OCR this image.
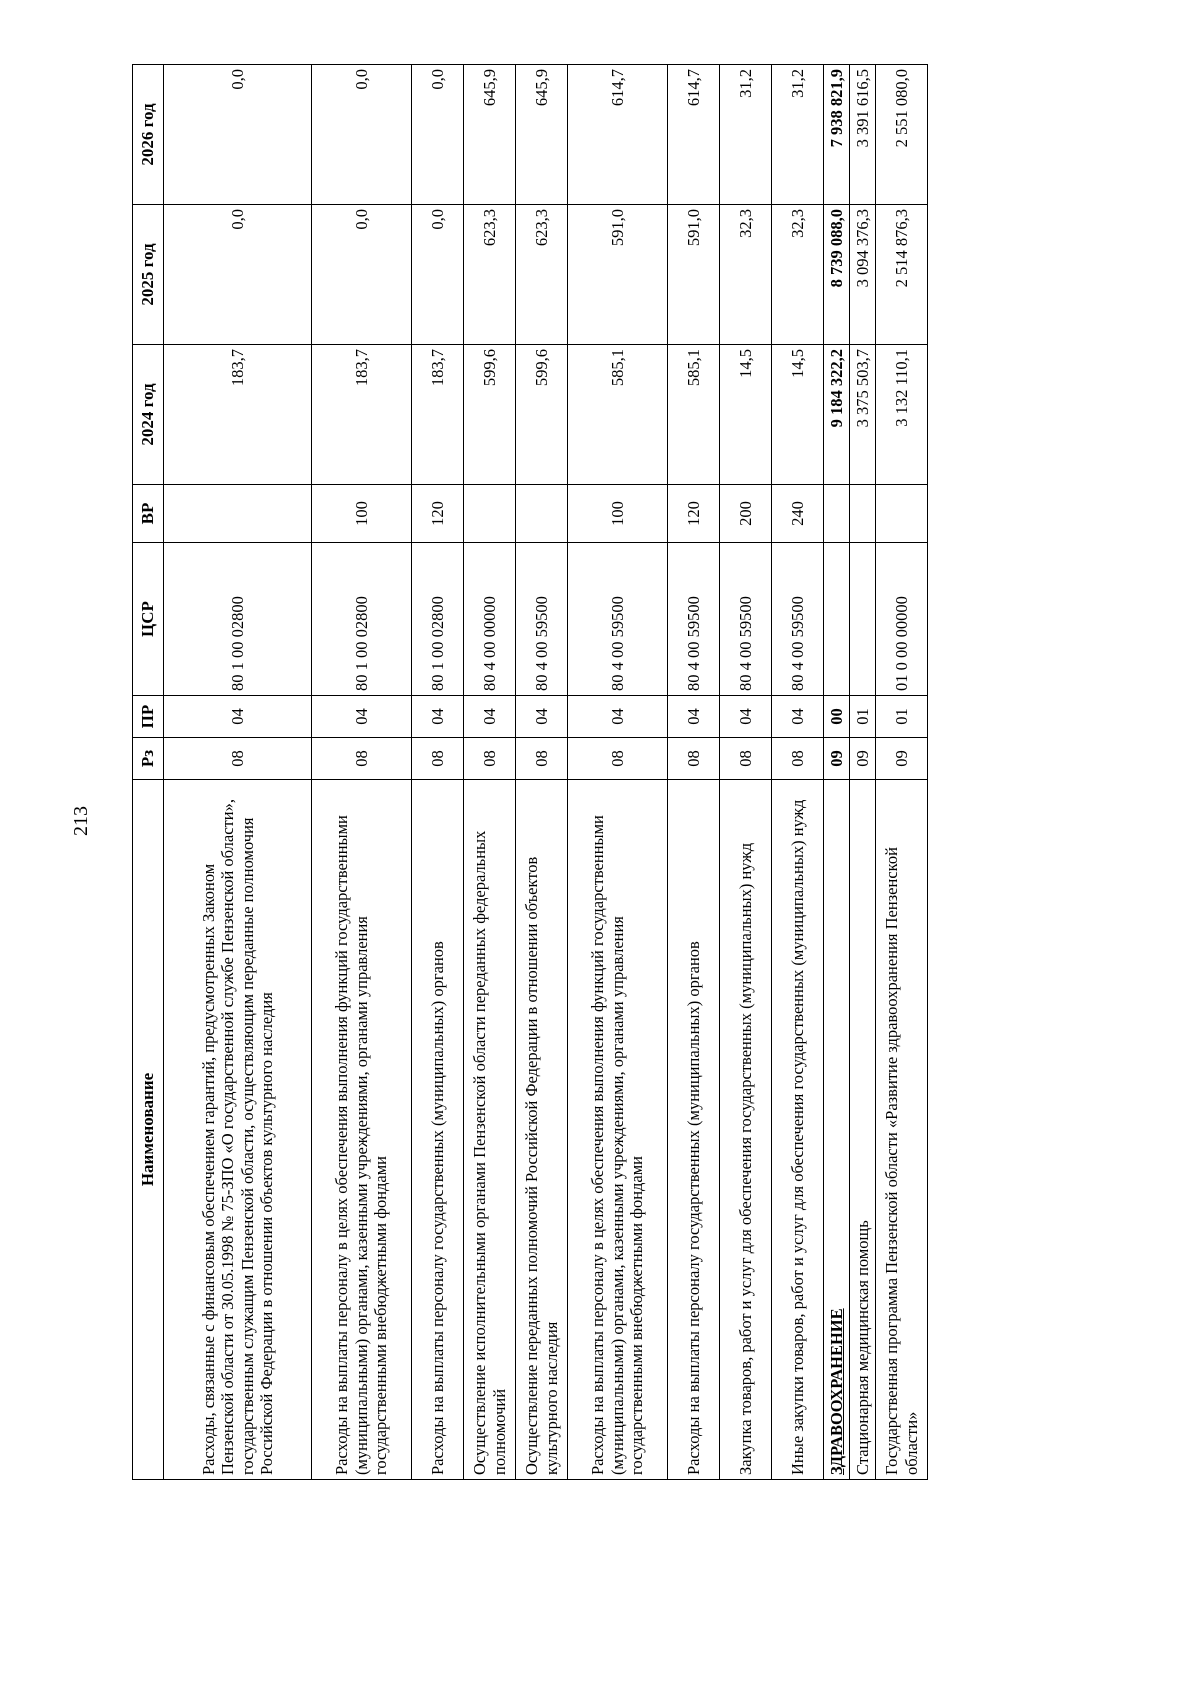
213
Наименование	Рз	ПР	ЦСР	ВР	2024 год	2025 год	2026 год
Расходы, связанные с финансовым обеспечением гарантий, предусмотренных Законом Пензенской области от 30.05.1998 № 75-ЗПО «О государственной службе Пензенской области», государственным служащим Пензенской области, осуществляющим переданные полномочия Российской Федерации в отношении объектов культурного наследия	08	04	80 1 00 02800		183,7	0,0	0,0
Расходы на выплаты персоналу в целях обеспечения выполнения функций государственными (муниципальными) органами, казенными учреждениями, органами управления государственными внебюджетными фондами	08	04	80 1 00 02800	100	183,7	0,0	0,0
Расходы на выплаты персоналу государственных (муниципальных) органов	08	04	80 1 00 02800	120	183,7	0,0	0,0
Осуществление исполнительными органами Пензенской области переданных федеральных полномочий	08	04	80 4 00 00000		599,6	623,3	645,9
Осуществление переданных полномочий Российской Федерации в отношении объектов культурного наследия	08	04	80 4 00 59500		599,6	623,3	645,9
Расходы на выплаты персоналу в целях обеспечения выполнения функций государственными (муниципальными) органами, казенными учреждениями, органами управления государственными внебюджетными фондами	08	04	80 4 00 59500	100	585,1	591,0	614,7
Расходы на выплаты персоналу государственных (муниципальных) органов	08	04	80 4 00 59500	120	585,1	591,0	614,7
Закупка товаров, работ и услуг для обеспечения государственных (муниципальных) нужд	08	04	80 4 00 59500	200	14,5	32,3	31,2
Иные закупки товаров, работ и услуг для обеспечения государственных (муниципальных) нужд	08	04	80 4 00 59500	240	14,5	32,3	31,2
ЗДРАВООХРАНЕНИЕ	09	00			9 184 322,2	8 739 088,0	7 938 821,9
Стационарная медицинская помощь	09	01			3 375 503,7	3 094 376,3	3 391 616,5
Государственная программа Пензенской области «Развитие здравоохранения Пензенской области»	09	01	01 0 00 00000		3 132 110,1	2 514 876,3	2 551 080,0
